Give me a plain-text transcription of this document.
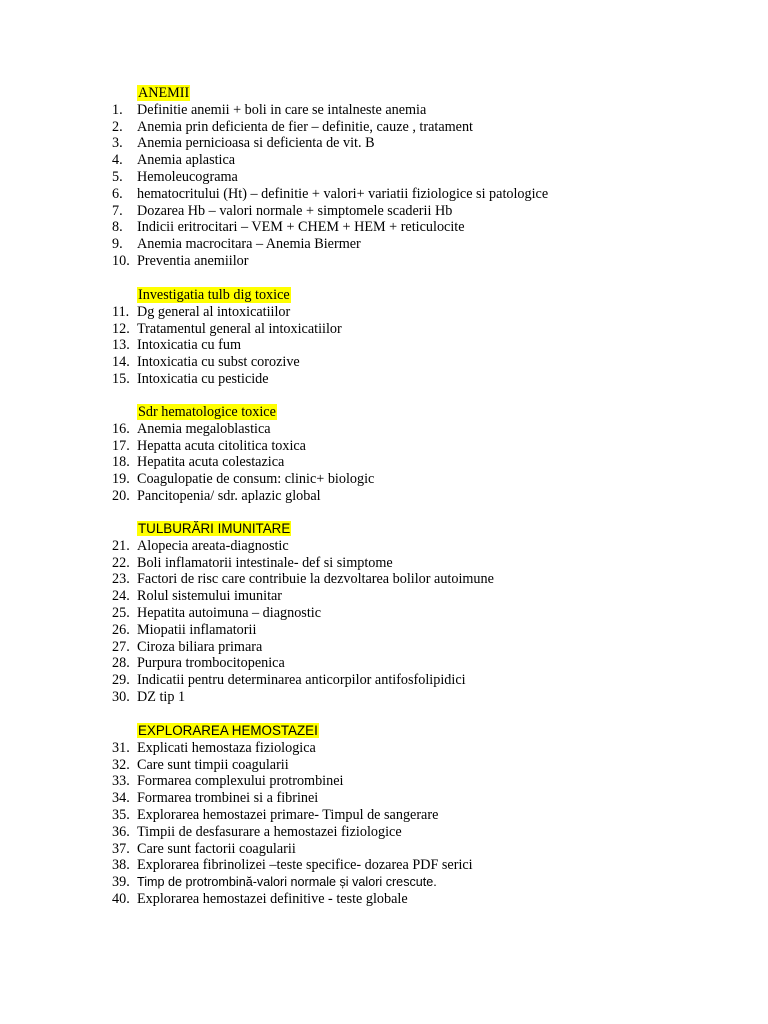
ANEMII
1.	Definitie anemii + boli in care se intalneste anemia
2.	Anemia prin deficienta de fier – definitie, cauze , tratament
3.	Anemia pernicioasa si deficienta de vit. B
4.	Anemia aplastica
5.	Hemoleucograma
6.	hematocritului (Ht) – definitie + valori+ variatii fiziologice si patologice
7.	Dozarea Hb – valori normale + simptomele scaderii Hb
8.	Indicii eritrocitari – VEM + CHEM + HEM + reticulocite
9.	Anemia macrocitara – Anemia Biermer
10. Preventia anemiilor
Investigatia tulb dig toxice
11. Dg general al intoxicatiilor
12. Tratamentul general al intoxicatiilor
13. Intoxicatia cu fum
14. Intoxicatia cu subst corozive
15. Intoxicatia cu pesticide
Sdr hematologice toxice
16. Anemia megaloblastica
17. Hepatta acuta citolitica toxica
18. Hepatita acuta colestazica
19. Coagulopatie de consum: clinic+ biologic
20. Pancitopenia/ sdr. aplazic global
TULBURĂRI IMUNITARE
21. Alopecia areata-diagnostic
22. Boli inflamatorii intestinale- def si simptome
23. Factori de risc care contribuie la dezvoltarea bolilor autoimune
24. Rolul sistemului imunitar
25. Hepatita autoimuna – diagnostic
26. Miopatii inflamatorii
27. Ciroza biliara primara
28. Purpura trombocitopenica
29. Indicatii pentru determinarea anticorpilor antifosfolipidici
30. DZ tip 1
EXPLORAREA HEMOSTAZEI
31. Explicati hemostaza fiziologica
32. Care sunt timpii coagularii
33. Formarea complexului protrombinei
34. Formarea trombinei si a fibrinei
35. Explorarea hemostazei primare- Timpul de sangerare
36. Timpii de desfasurare a hemostazei fiziologice
37. Care sunt factorii coagularii
38. Explorarea fibrinolizei –teste specifice- dozarea PDF serici
39. Timp de protrombină-valori normale și valori crescute.
40. Explorarea hemostazei definitive - teste globale
